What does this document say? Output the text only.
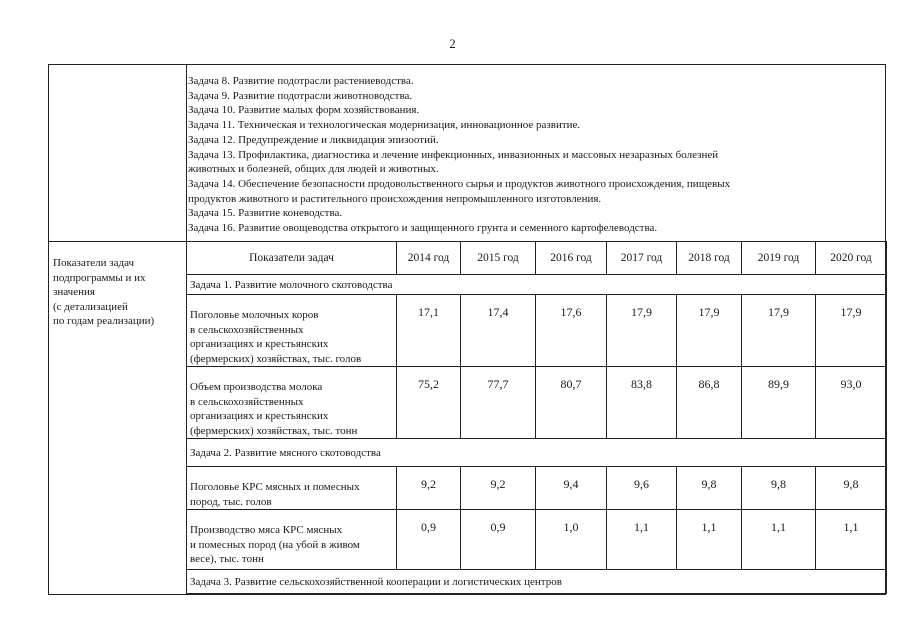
2
Задача 8. Развитие подотрасли растениеводства.
Задача 9. Развитие подотрасли животноводства.
Задача 10. Развитие малых форм хозяйствования.
Задача 11. Техническая и технологическая модернизация, инновационное развитие.
Задача 12. Предупреждение и ликвидация эпизоотий.
Задача 13. Профилактика, диагностика и лечение инфекционных, инвазионных и массовых незаразных болезней
животных и болезней, общих для людей и животных.
Задача 14. Обеспечение безопасности продовольственного сырья и продуктов животного происхождения, пищевых
продуктов животного и растительного происхождения непромышленного изготовления.
Задача 15. Развитие коневодства.
Задача 16. Развитие овощеводства открытого и защищенного грунта и семенного картофелеводства.
Показатели задач
подпрограммы и их
значения
(с детализацией
по годам реализации)
Показатели задач	2014 год	2015 год	2016 год	2017 год	2018 год	2019 год	2020 год
Задача 1. Развитие молочного скотоводства							

Поголовье молочных коров
в сельскохозяйственных
организациях и крестьянских
(фермерских) хозяйствах, тыс. голов	17,1	17,4	17,6	17,9	17,9	17,9	17,9

Объем производства молока
в сельскохозяйственных
организациях и крестьянских
(фермерских) хозяйствах, тыс. тонн	75,2	77,7	80,7	83,8	86,8	89,9	93,0
Задача 2. Развитие мясного скотоводства							

Поголовье КРС мясных и помесных
пород, тыс. голов	9,2	9,2	9,4	9,6	9,8	9,8	9,8

Производство мяса КРС мясных
и помесных пород (на убой в живом
весе), тыс. тонн	0,9	0,9	1,0	1,1	1,1	1,1	1,1
Задача 3. Развитие сельскохозяйственной кооперации и логистических центров							
